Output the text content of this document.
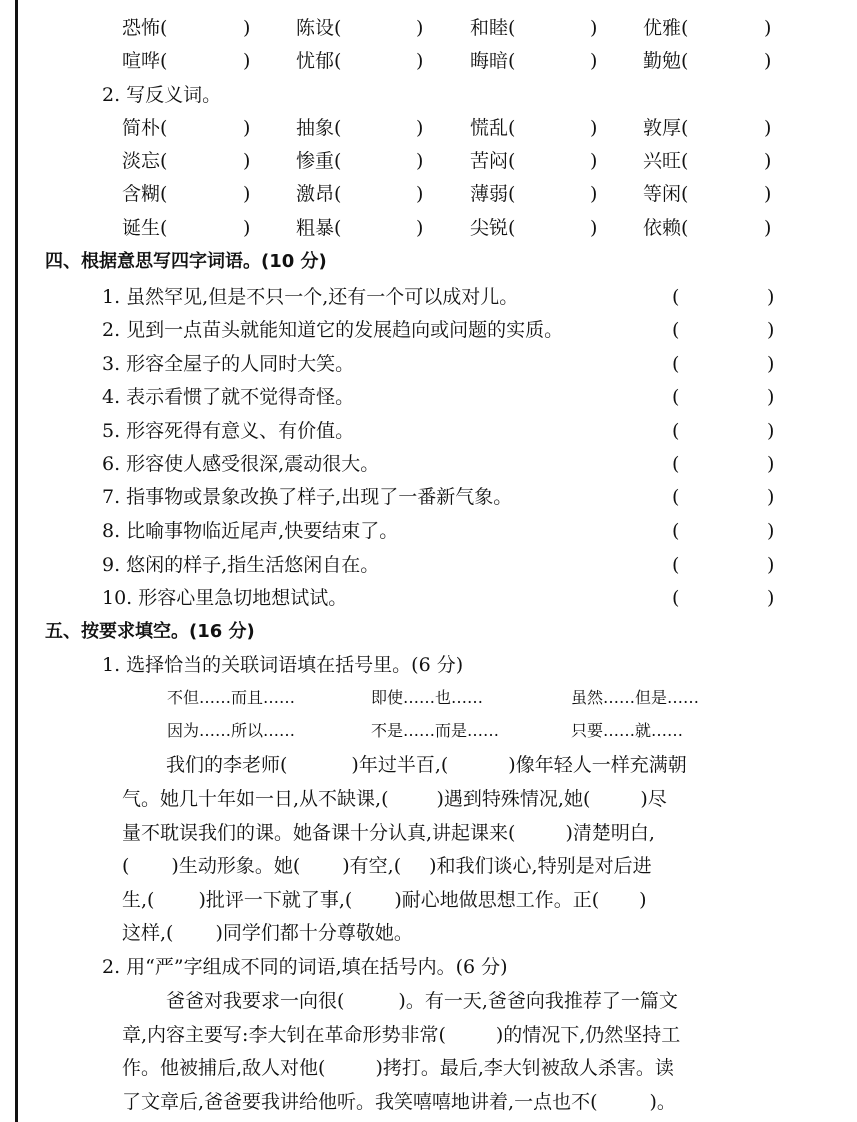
恐怖(	) 陈设(	) 和睦(	) 优雅(	)
喧哗(	) 忧郁(	) 晦暗(	) 勤勉(	)
2. 写反义词。
简朴(	) 抽象(	) 慌乱(	) 敦厚(	)
淡忘(	) 惨重(	) 苦闷(	) 兴旺(	)
含糊(	) 激昂(	) 薄弱(	) 等闲(	)
诞生(	) 粗暴(	) 尖锐(	) 依赖(	)
四、根据意思写四字词语。(10 分)
1. 虽然罕见,但是不只一个,还有一个可以成对儿。	(	)
2. 见到一点苗头就能知道它的发展趋向或问题的实质。	(	)
3. 形容全屋子的人同时大笑。	(	)
4. 表示看惯了就不觉得奇怪。	(	)
5. 形容死得有意义、有价值。	(	)
6. 形容使人感受很深,震动很大。	(	)
7. 指事物或景象改换了样子,出现了一番新气象。	(	)
8. 比喻事物临近尾声,快要结束了。	(	)
9. 悠闲的样子,指生活悠闲自在。	(	)
10. 形容心里急切地想试试。	(	)
五、按要求填空。(16 分)
1. 选择恰当的关联词语填在括号里。(6 分)
不但……而且……	即使……也……	虽然……但是……
因为……所以……	不是……而是……	只要……就……
我们的李老师(	)年过半百,(	)像年轻人一样充满朝
气。她几十年如一日,从不缺课,(	)遇到特殊情况,她(	)尽
量不耽误我们的课。她备课十分认真,讲起课来(	)清楚明白,
( )生动形象。她( )有空,( )和我们谈心,特别是对后进
生,( )批评一下就了事,( )耐心地做思想工作。正( )
这样,( )同学们都十分尊敬她。
2. 用“严”字组成不同的词语,填在括号内。(6 分)
爸爸对我要求一向很(	)。有一天,爸爸向我推荐了一篇文
章,内容主要写:李大钊在革命形势非常(	)的情况下,仍然坚持工
作。他被捕后,敌人对他(	)拷打。最后,李大钊被敌人杀害。读
了文章后,爸爸要我讲给他听。我笑嘻嘻地讲着,一点也不(	)。
